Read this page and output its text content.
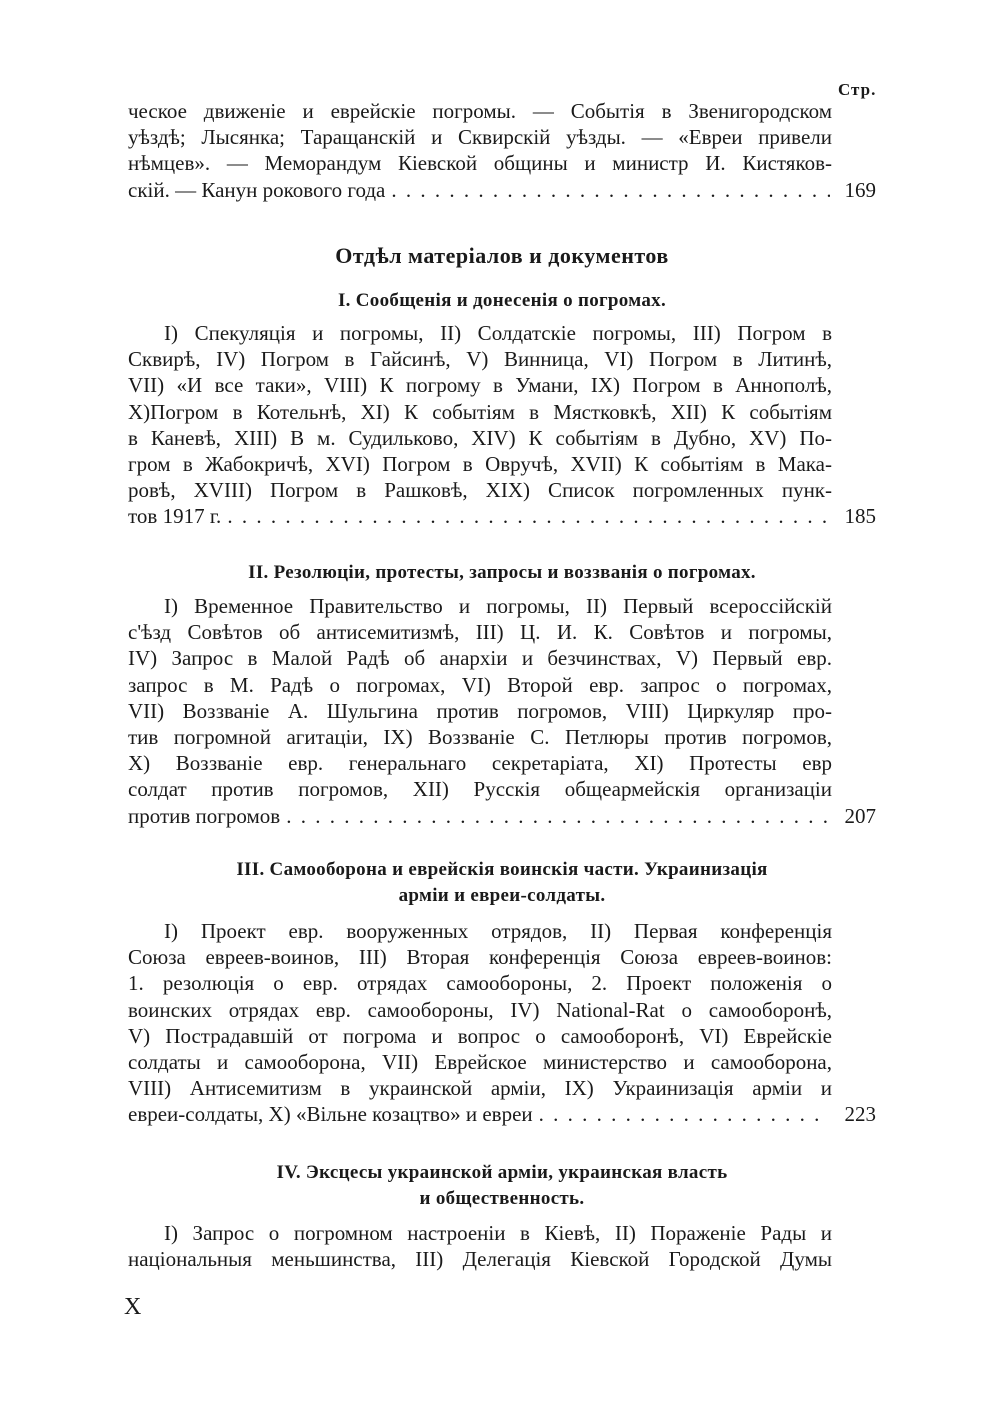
Стр.
ческое движеніе и еврейскіе погромы. — Событія в Звенигородском
уѣздѣ; Лысянка; Таращанскій и Сквирскій уѣзды. — «Евреи привели
нѣмцев». — Меморандум Кіевской общины и министр И. Кистяков-
скій. — Канун рокового года . . .	169
Отдѣл матеріалов и документов
I. Сообщенія и донесенія о погромах.
I) Спекуляція и погромы, II) Солдатскіе погромы, III) Погром в
Сквирѣ, IV) Погром в Гайсинѣ, V) Винница, VI) Погром в Литинѣ,
VII) «И все таки», VIII) К погрому в Умани, IX) Погром в Аннополѣ,
X)Погром в Котельнѣ, XI) К событіям в Мястковкѣ, XII) К событіям
в Каневѣ, XIII) В м. Судильково, XIV) К событіям в Дубно, XV) По-
гром в Жабокричѣ, XVI) Погром в Овручѣ, XVII) К событіям в Мака-
ровѣ, XVIII) Погром в Рашковѣ, XIX) Список погромленных пунк-
тов 1917 г. . . .	185
II. Резолюціи, протесты, запросы и воззванія о погромах.
I) Временное Правительство и погромы, II) Первый всероссійскій
с'ѣзд Совѣтов об антисемитизмѣ, III) Ц. И. К. Совѣтов и погромы,
IV) Запрос в Малой Радѣ об анархіи и безчинствах, V) Первый евр.
запрос в М. Радѣ о погромах, VI) Второй евр. запрос о погромах,
VII) Воззваніе А. Шульгина против погромов, VIII) Циркуляр про-
тив погромной агитаціи, IX) Воззваніе С. Петлюры против погромов,
X) Воззваніе евр. генеральнаго секретаріата, XI) Протесты евр
солдат против погромов, XII) Русскія общеармейскія организаціи
против погромов . . .	207
III. Самооборона и еврейскія воинскія части. Украинизація
арміи и евреи-солдаты.
I) Проект евр. вооруженных отрядов, II) Первая конференція
Союза евреев-воинов, III) Вторая конференція Союза евреев-воинов:
1. резолюція о евр. отрядах самообороны, 2. Проект положенія о
воинских отрядах евр. самообороны, IV) National-Rat о самооборонѣ,
V) Пострадавшій от погрома и вопрос о самооборонѣ, VI) Еврейскіе
солдаты и самооборона, VII) Еврейское министерство и самооборона,
VIII) Антисемитизм в украинской арміи, IX) Украинизація арміи и
евреи-солдаты, X) «Вільне козацтво» и евреи . . .	223
IV. Эксцесы украинской арміи, украинская власть
и общественность.
I) Запрос о погромном настроеніи в Кіевѣ, II) Пораженіе Рады и
національныя меньшинства, III) Делегація Кіевской Городской Думы
X
